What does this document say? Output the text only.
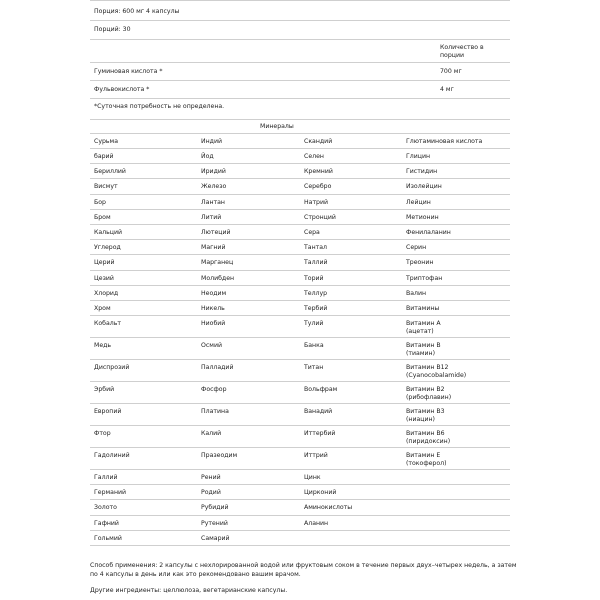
Порция: 600 мг 4 капсулы
Порций: 30
Количество в
порции
Гуминовая кислота *	700 мг
Фульвокислота *	4 мг
*Суточная потребность не определена.
Минералы
Сурьма	Индий	Скандий	Глютаминовая кислота
барий	Йод	Селен	Глицин
Бериллий	Иридий	Кремний	Гистидин
Висмут	Железо	Серебро	Изолейцин
Бор	Лантан	Натрий	Лейцин
Бром	Литий	Стронций	Метионин
Кальций	Лютеций	Сера	Фенилаланин
Углерод	Магний	Тантал	Серин
Церий	Марганец	Таллий	Треонин
Цезий	Молибден	Торий	Триптофан
Хлорид	Неодим	Теллур	Валин
Хром	Никель	Тербий	Витамины
Кобальт	Ниобий	Тулий	Витамин A
(ацетат)
Медь	Осмий	Банка	Витамин B
(тиамин)
Диспрозий	Палладий	Титан	Витамин B12
(Cyanocobalamide)
Эрбий	Фосфор	Вольфрам	Витамин B2
(рибофлавин)
Европий	Платина	Ванадий	Витамин B3
(ниацин)
Фтор	Калий	Иттербий	Витамин B6
(пиридоксин)
Гадолиний	Празеодим	Иттрий	Витамин E
(токоферол)
Галлий	Рений	Цинк
Германий	Родий	Цирконий
Золото	Рубидий	Аминокислоты
Гафний	Рутений	Аланин
Гольмий	Самарий
Способ применения: 2 капсулы с нехлорированной водой или фруктовым соком в течение первых двух–четырех недель, а затем по 4 капсулы в день или как это рекомендовано вашим врачом.
Другие ингредиенты: целлюлоза, вегетарианские капсулы.
